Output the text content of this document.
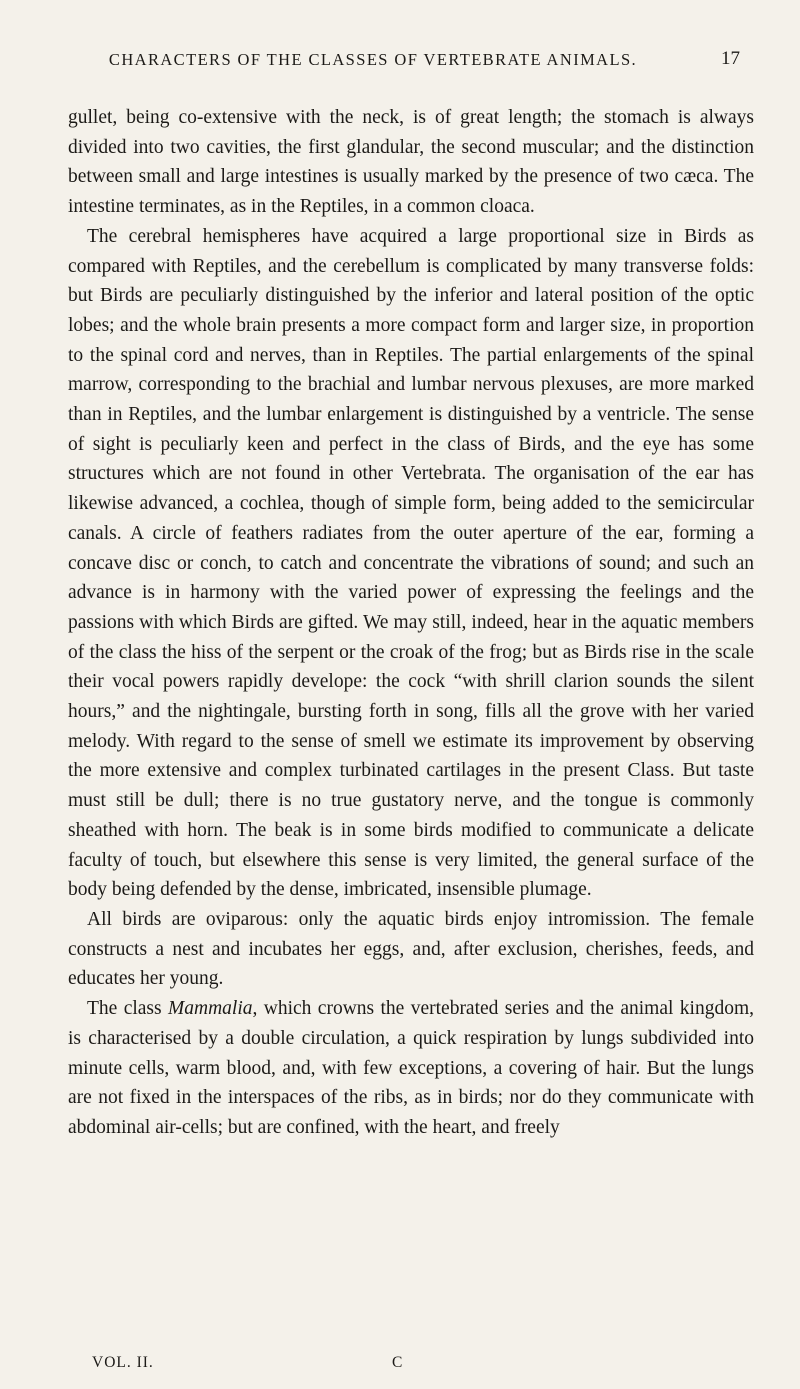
CHARACTERS OF THE CLASSES OF VERTEBRATE ANIMALS.	17

gullet, being co-extensive with the neck, is of great length; the stomach is always divided into two cavities, the first glandular, the second muscular; and the distinction between small and large intestines is usually marked by the presence of two cæca. The intestine terminates, as in the Reptiles, in a common cloaca.

The cerebral hemispheres have acquired a large proportional size in Birds as compared with Reptiles, and the cerebellum is complicated by many transverse folds: but Birds are peculiarly distinguished by the inferior and lateral position of the optic lobes; and the whole brain presents a more compact form and larger size, in proportion to the spinal cord and nerves, than in Reptiles. The partial enlargements of the spinal marrow, corresponding to the brachial and lumbar nervous plexuses, are more marked than in Reptiles, and the lumbar enlargement is distinguished by a ventricle. The sense of sight is peculiarly keen and perfect in the class of Birds, and the eye has some structures which are not found in other Vertebrata. The organisation of the ear has likewise advanced, a cochlea, though of simple form, being added to the semicircular canals. A circle of feathers radiates from the outer aperture of the ear, forming a concave disc or conch, to catch and concentrate the vibrations of sound; and such an advance is in harmony with the varied power of expressing the feelings and the passions with which Birds are gifted. We may still, indeed, hear in the aquatic members of the class the hiss of the serpent or the croak of the frog; but as Birds rise in the scale their vocal powers rapidly develope: the cock “with shrill clarion sounds the silent hours,” and the nightingale, bursting forth in song, fills all the grove with her varied melody. With regard to the sense of smell we estimate its improvement by observing the more extensive and complex turbinated cartilages in the present Class. But taste must still be dull; there is no true gustatory nerve, and the tongue is commonly sheathed with horn. The beak is in some birds modified to communicate a delicate faculty of touch, but elsewhere this sense is very limited, the general surface of the body being defended by the dense, imbricated, insensible plumage.

All birds are oviparous: only the aquatic birds enjoy intromission. The female constructs a nest and incubates her eggs, and, after exclusion, cherishes, feeds, and educates her young.

The class Mammalia, which crowns the vertebrated series and the animal kingdom, is characterised by a double circulation, a quick respiration by lungs subdivided into minute cells, warm blood, and, with few exceptions, a covering of hair. But the lungs are not fixed in the interspaces of the ribs, as in birds; nor do they communicate with abdominal air-cells; but are confined, with the heart, and freely

VOL. II.	C
